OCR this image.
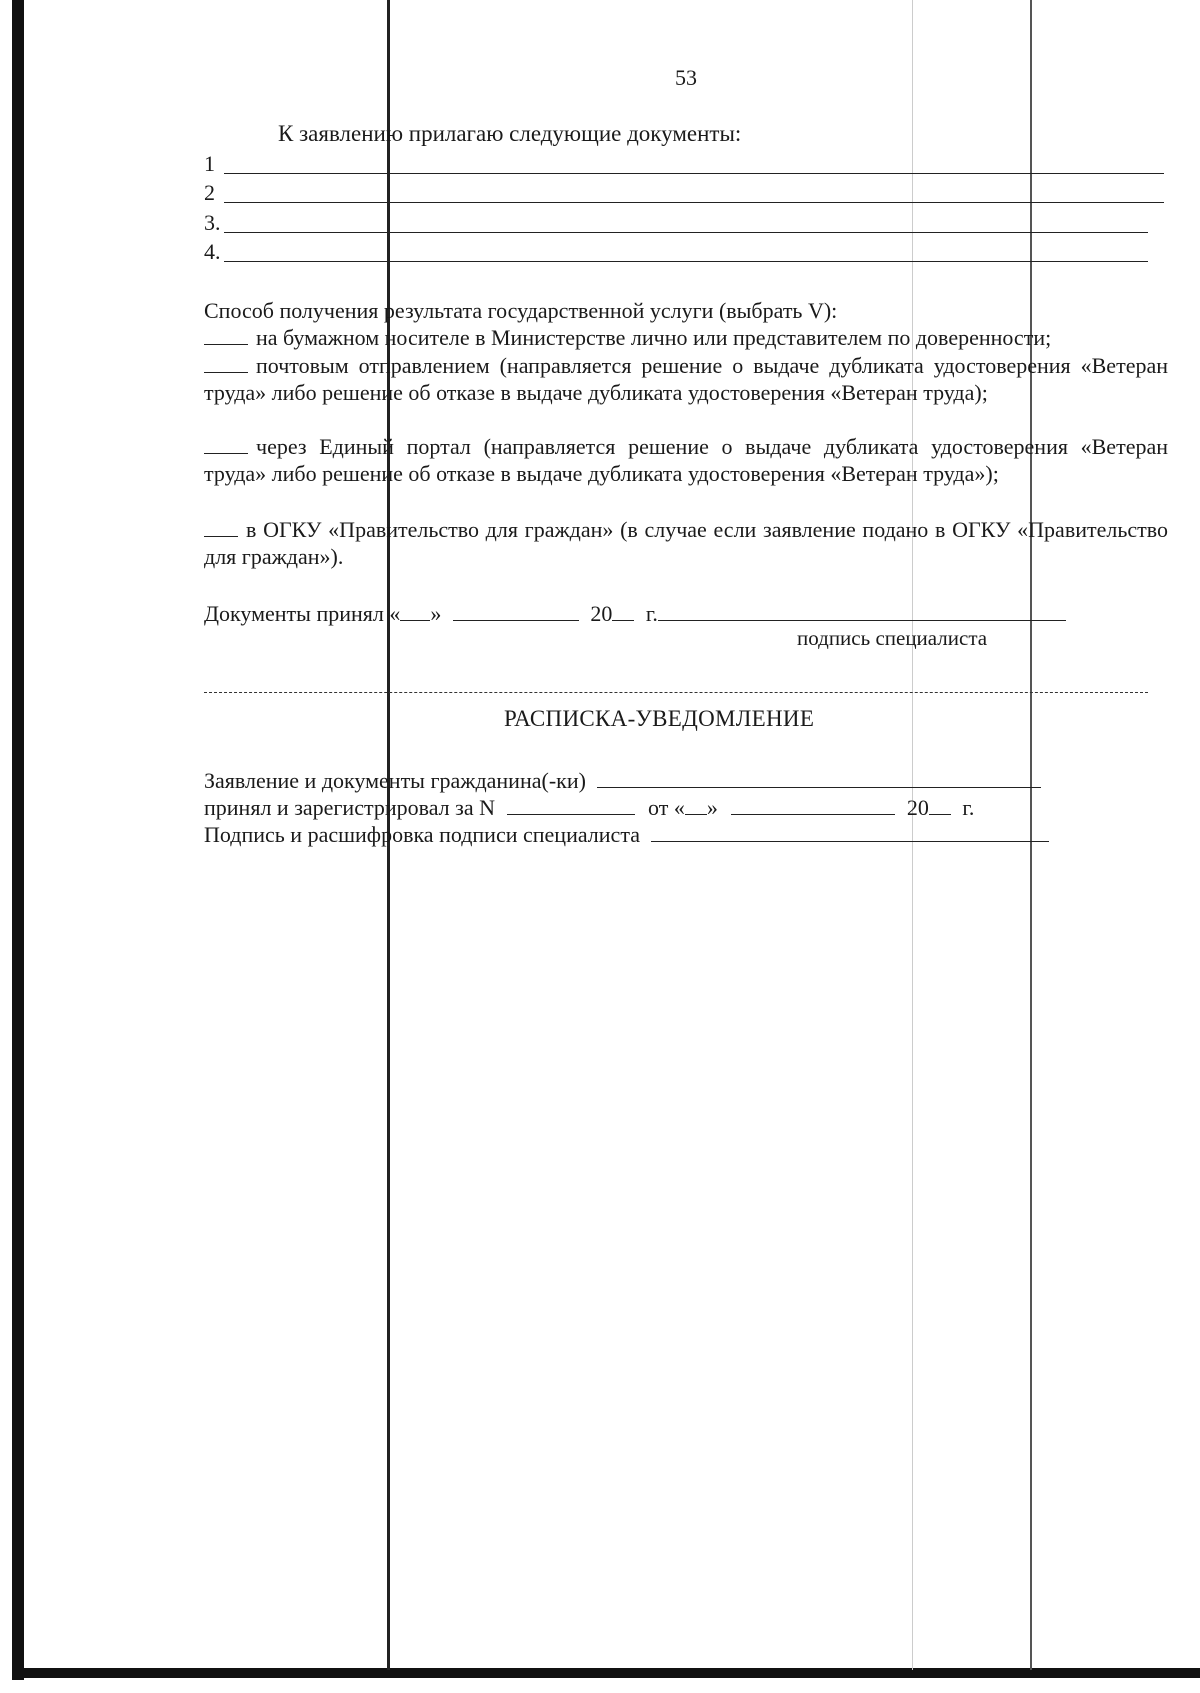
53
К заявлению прилагаю следующие документы:
1
2
3.
4.
Способ получения результата государственной услуги (выбрать V):
на бумажном носителе в Министерстве лично или представителем по доверенности;
почтовым отправлением (направляется решение о выдаче дубликата удостоверения «Ветеран труда» либо решение об отказе в выдаче дубликата удостоверения «Ветеран труда);
через Единый портал (направляется решение о выдаче дубликата удостоверения «Ветеран труда» либо решение об отказе в выдаче дубликата удостоверения «Ветеран труда»);
в ОГКУ «Правительство для граждан» (в случае если заявление подано в ОГКУ «Правительство для граждан»).
Документы принял « »	20 г.
подпись специалиста
РАСПИСКА-УВЕДОМЛЕНИЕ
Заявление и документы гражданина(-ки)
принял и зарегистрировал за N	от « »	20 г.
Подпись и расшифровка подписи специалиста
